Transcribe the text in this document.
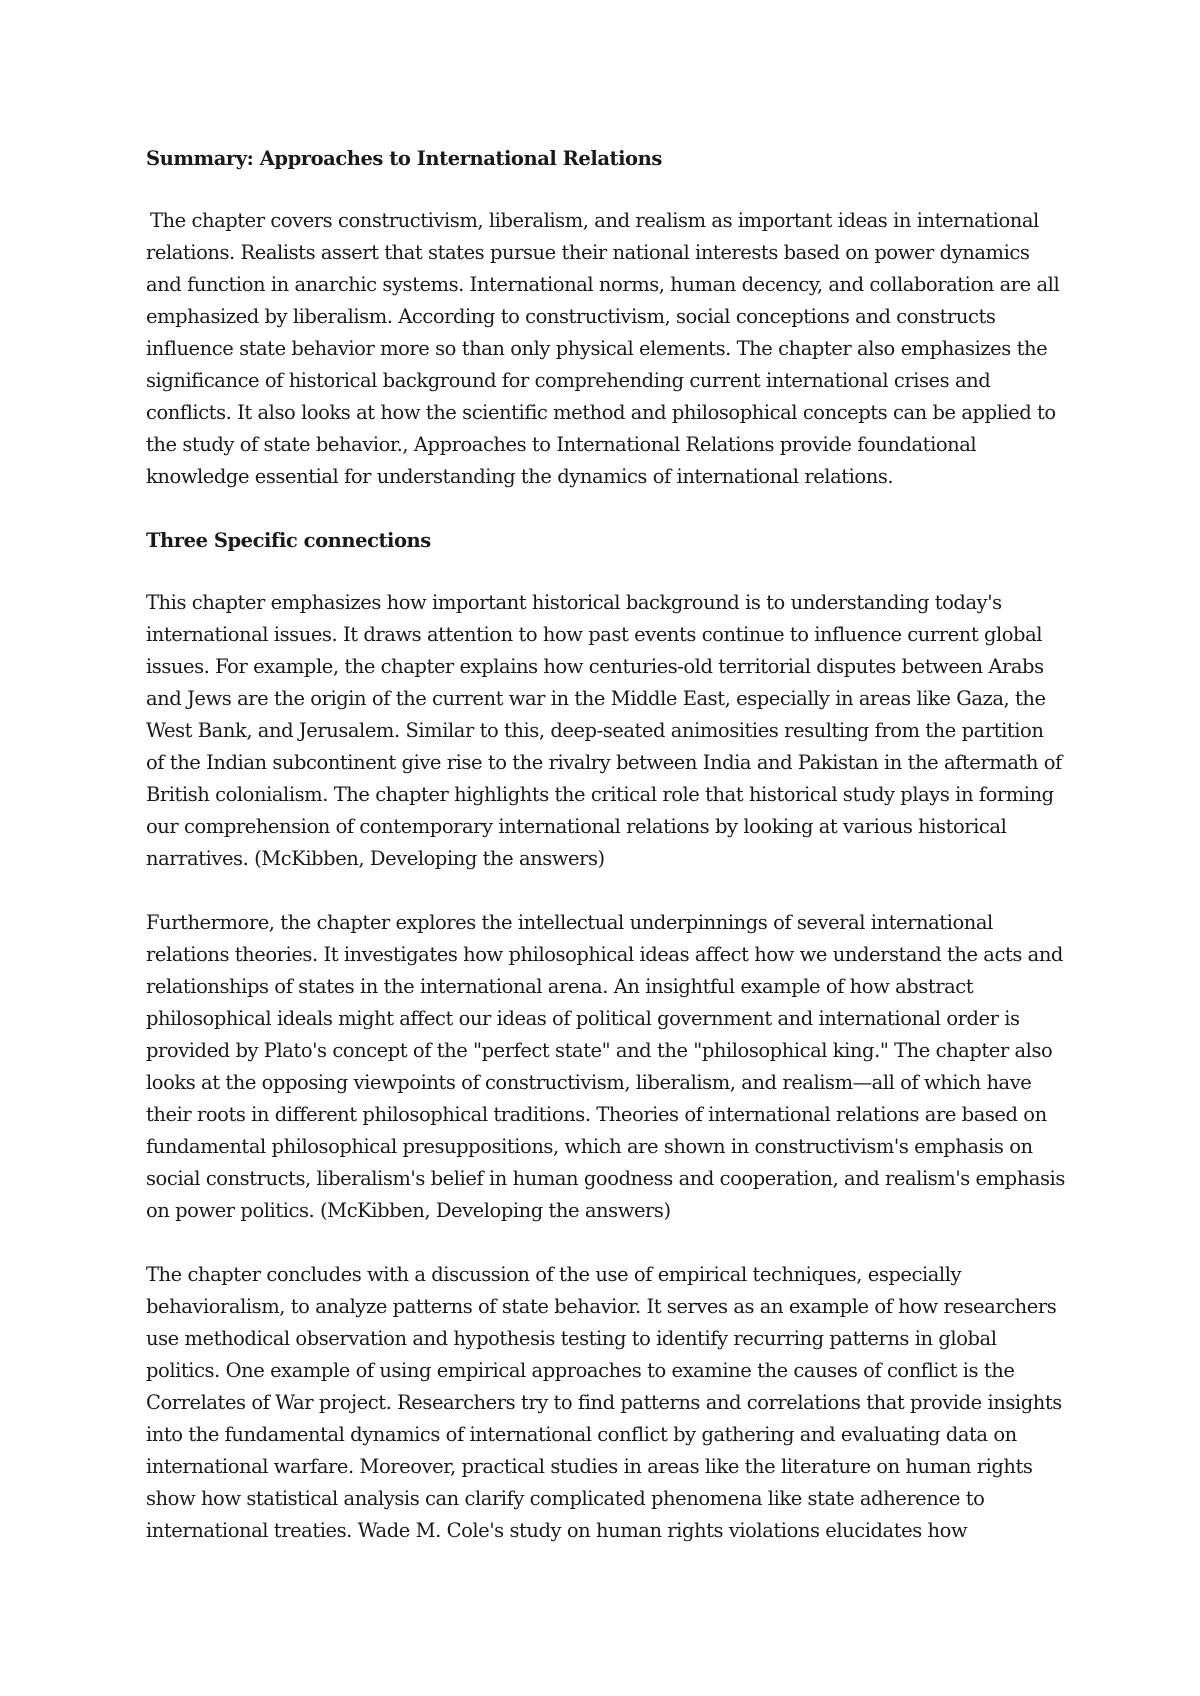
Summary: Approaches to International Relations
The chapter covers constructivism, liberalism, and realism as important ideas in international relations. Realists assert that states pursue their national interests based on power dynamics and function in anarchic systems. International norms, human decency, and collaboration are all emphasized by liberalism. According to constructivism, social conceptions and constructs influence state behavior more so than only physical elements. The chapter also emphasizes the significance of historical background for comprehending current international crises and conflicts. It also looks at how the scientific method and philosophical concepts can be applied to the study of state behavior., Approaches to International Relations provide foundational knowledge essential for understanding the dynamics of international relations.
Three Specific connections
This chapter emphasizes how important historical background is to understanding today's international issues. It draws attention to how past events continue to influence current global issues. For example, the chapter explains how centuries-old territorial disputes between Arabs and Jews are the origin of the current war in the Middle East, especially in areas like Gaza, the West Bank, and Jerusalem. Similar to this, deep-seated animosities resulting from the partition of the Indian subcontinent give rise to the rivalry between India and Pakistan in the aftermath of British colonialism. The chapter highlights the critical role that historical study plays in forming our comprehension of contemporary international relations by looking at various historical narratives. (McKibben, Developing the answers)
Furthermore, the chapter explores the intellectual underpinnings of several international relations theories. It investigates how philosophical ideas affect how we understand the acts and relationships of states in the international arena. An insightful example of how abstract philosophical ideals might affect our ideas of political government and international order is provided by Plato's concept of the "perfect state" and the "philosophical king." The chapter also looks at the opposing viewpoints of constructivism, liberalism, and realism—all of which have their roots in different philosophical traditions. Theories of international relations are based on fundamental philosophical presuppositions, which are shown in constructivism's emphasis on social constructs, liberalism's belief in human goodness and cooperation, and realism's emphasis on power politics. (McKibben, Developing the answers)
The chapter concludes with a discussion of the use of empirical techniques, especially behavioralism, to analyze patterns of state behavior. It serves as an example of how researchers use methodical observation and hypothesis testing to identify recurring patterns in global politics. One example of using empirical approaches to examine the causes of conflict is the Correlates of War project. Researchers try to find patterns and correlations that provide insights into the fundamental dynamics of international conflict by gathering and evaluating data on international warfare. Moreover, practical studies in areas like the literature on human rights show how statistical analysis can clarify complicated phenomena like state adherence to international treaties. Wade M. Cole's study on human rights violations elucidates how
